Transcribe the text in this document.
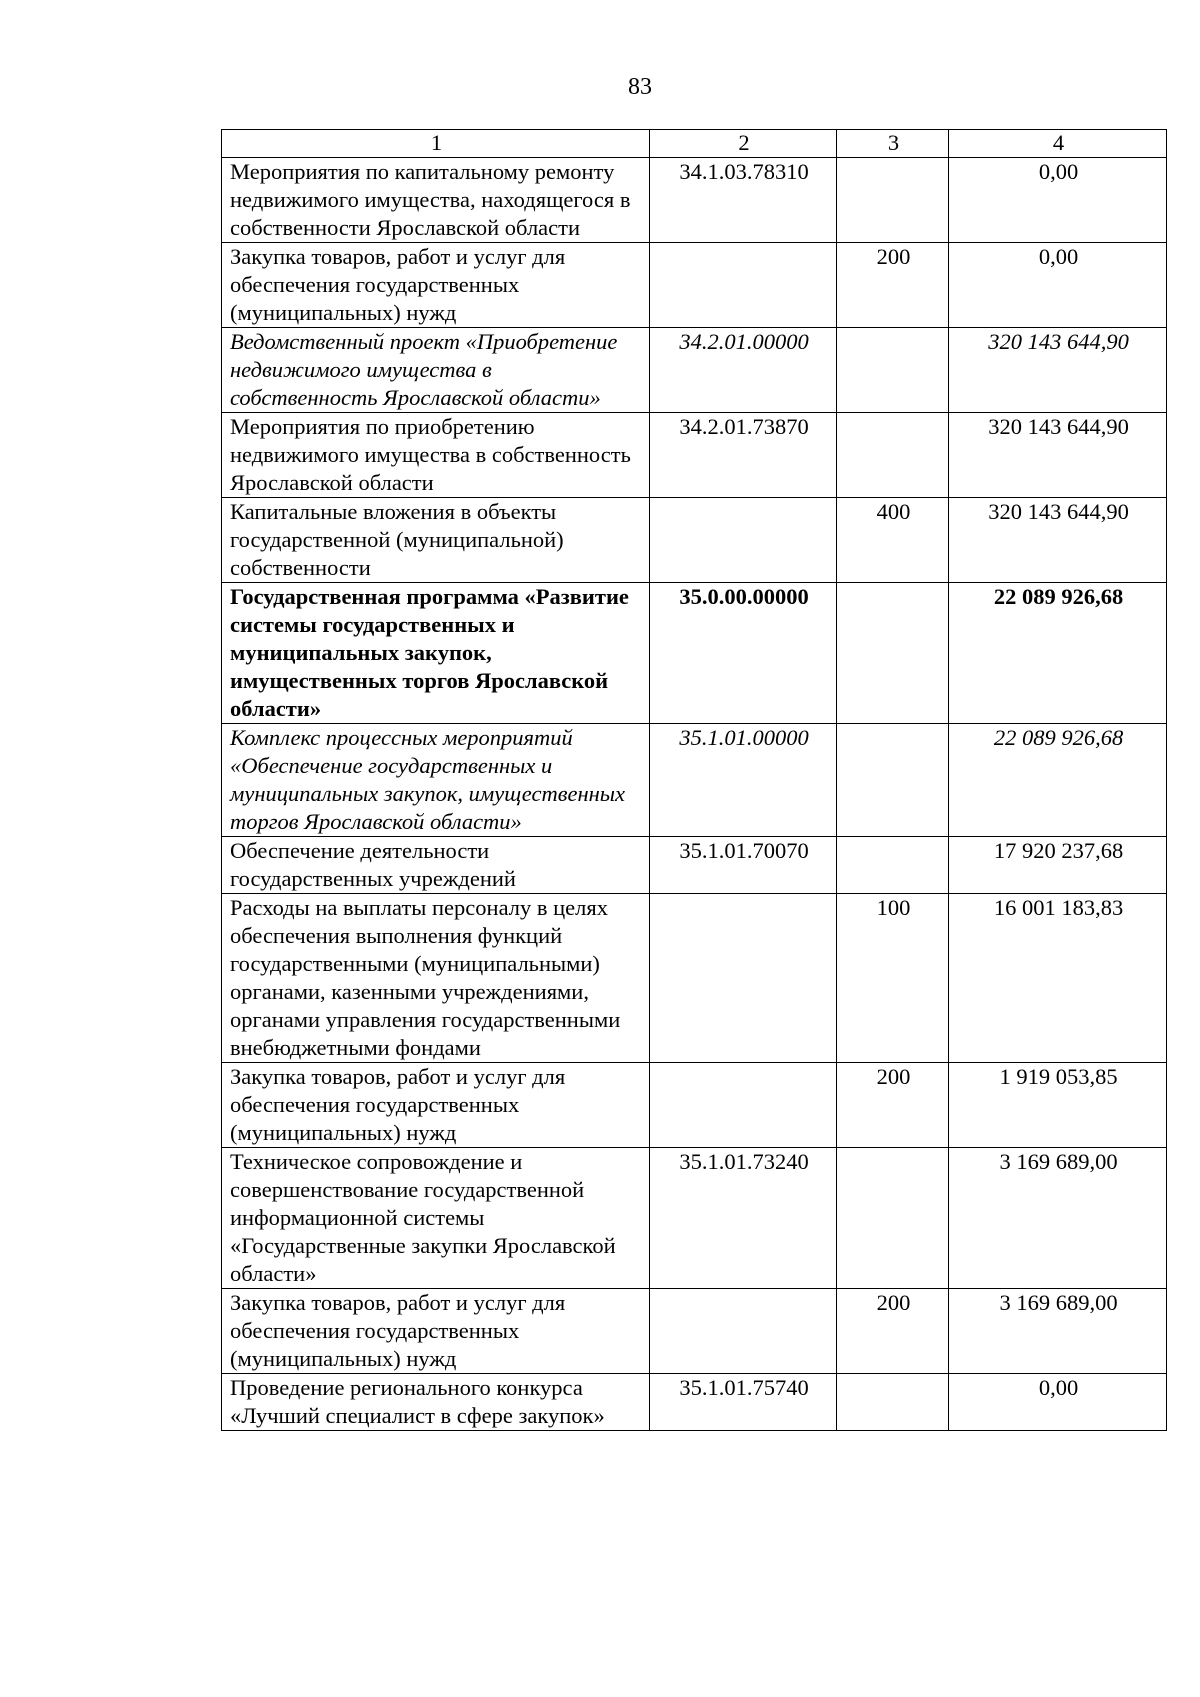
83
1	2	3	4
Мероприятия по капитальному ремонту недвижимого имущества, находящегося в собственности Ярославской области	34.1.03.78310		0,00
Закупка товаров, работ и услуг для обеспечения государственных (муниципальных) нужд		200	0,00
Ведомственный проект «Приобретение недвижимого имущества в собственность Ярославской области»	34.2.01.00000		320 143 644,90
Мероприятия по приобретению недвижимого имущества в собственность Ярославской области	34.2.01.73870		320 143 644,90
Капитальные вложения в объекты государственной (муниципальной) собственности		400	320 143 644,90
Государственная программа «Развитие системы государственных и муниципальных закупок, имущественных торгов Ярославской области»	35.0.00.00000		22 089 926,68
Комплекс процессных мероприятий «Обеспечение государственных и муниципальных закупок, имущественных торгов Ярославской области»	35.1.01.00000		22 089 926,68
Обеспечение деятельности государственных учреждений	35.1.01.70070		17 920 237,68
Расходы на выплаты персоналу в целях обеспечения выполнения функций государственными (муниципальными) органами, казенными учреждениями, органами управления государственными внебюджетными фондами		100	16 001 183,83
Закупка товаров, работ и услуг для обеспечения государственных (муниципальных) нужд		200	1 919 053,85
Техническое сопровождение и совершенствование государственной информационной системы «Государственные закупки Ярославской области»	35.1.01.73240		3 169 689,00
Закупка товаров, работ и услуг для обеспечения государственных (муниципальных) нужд		200	3 169 689,00
Проведение регионального конкурса «Лучший специалист в сфере закупок»	35.1.01.75740		0,00
